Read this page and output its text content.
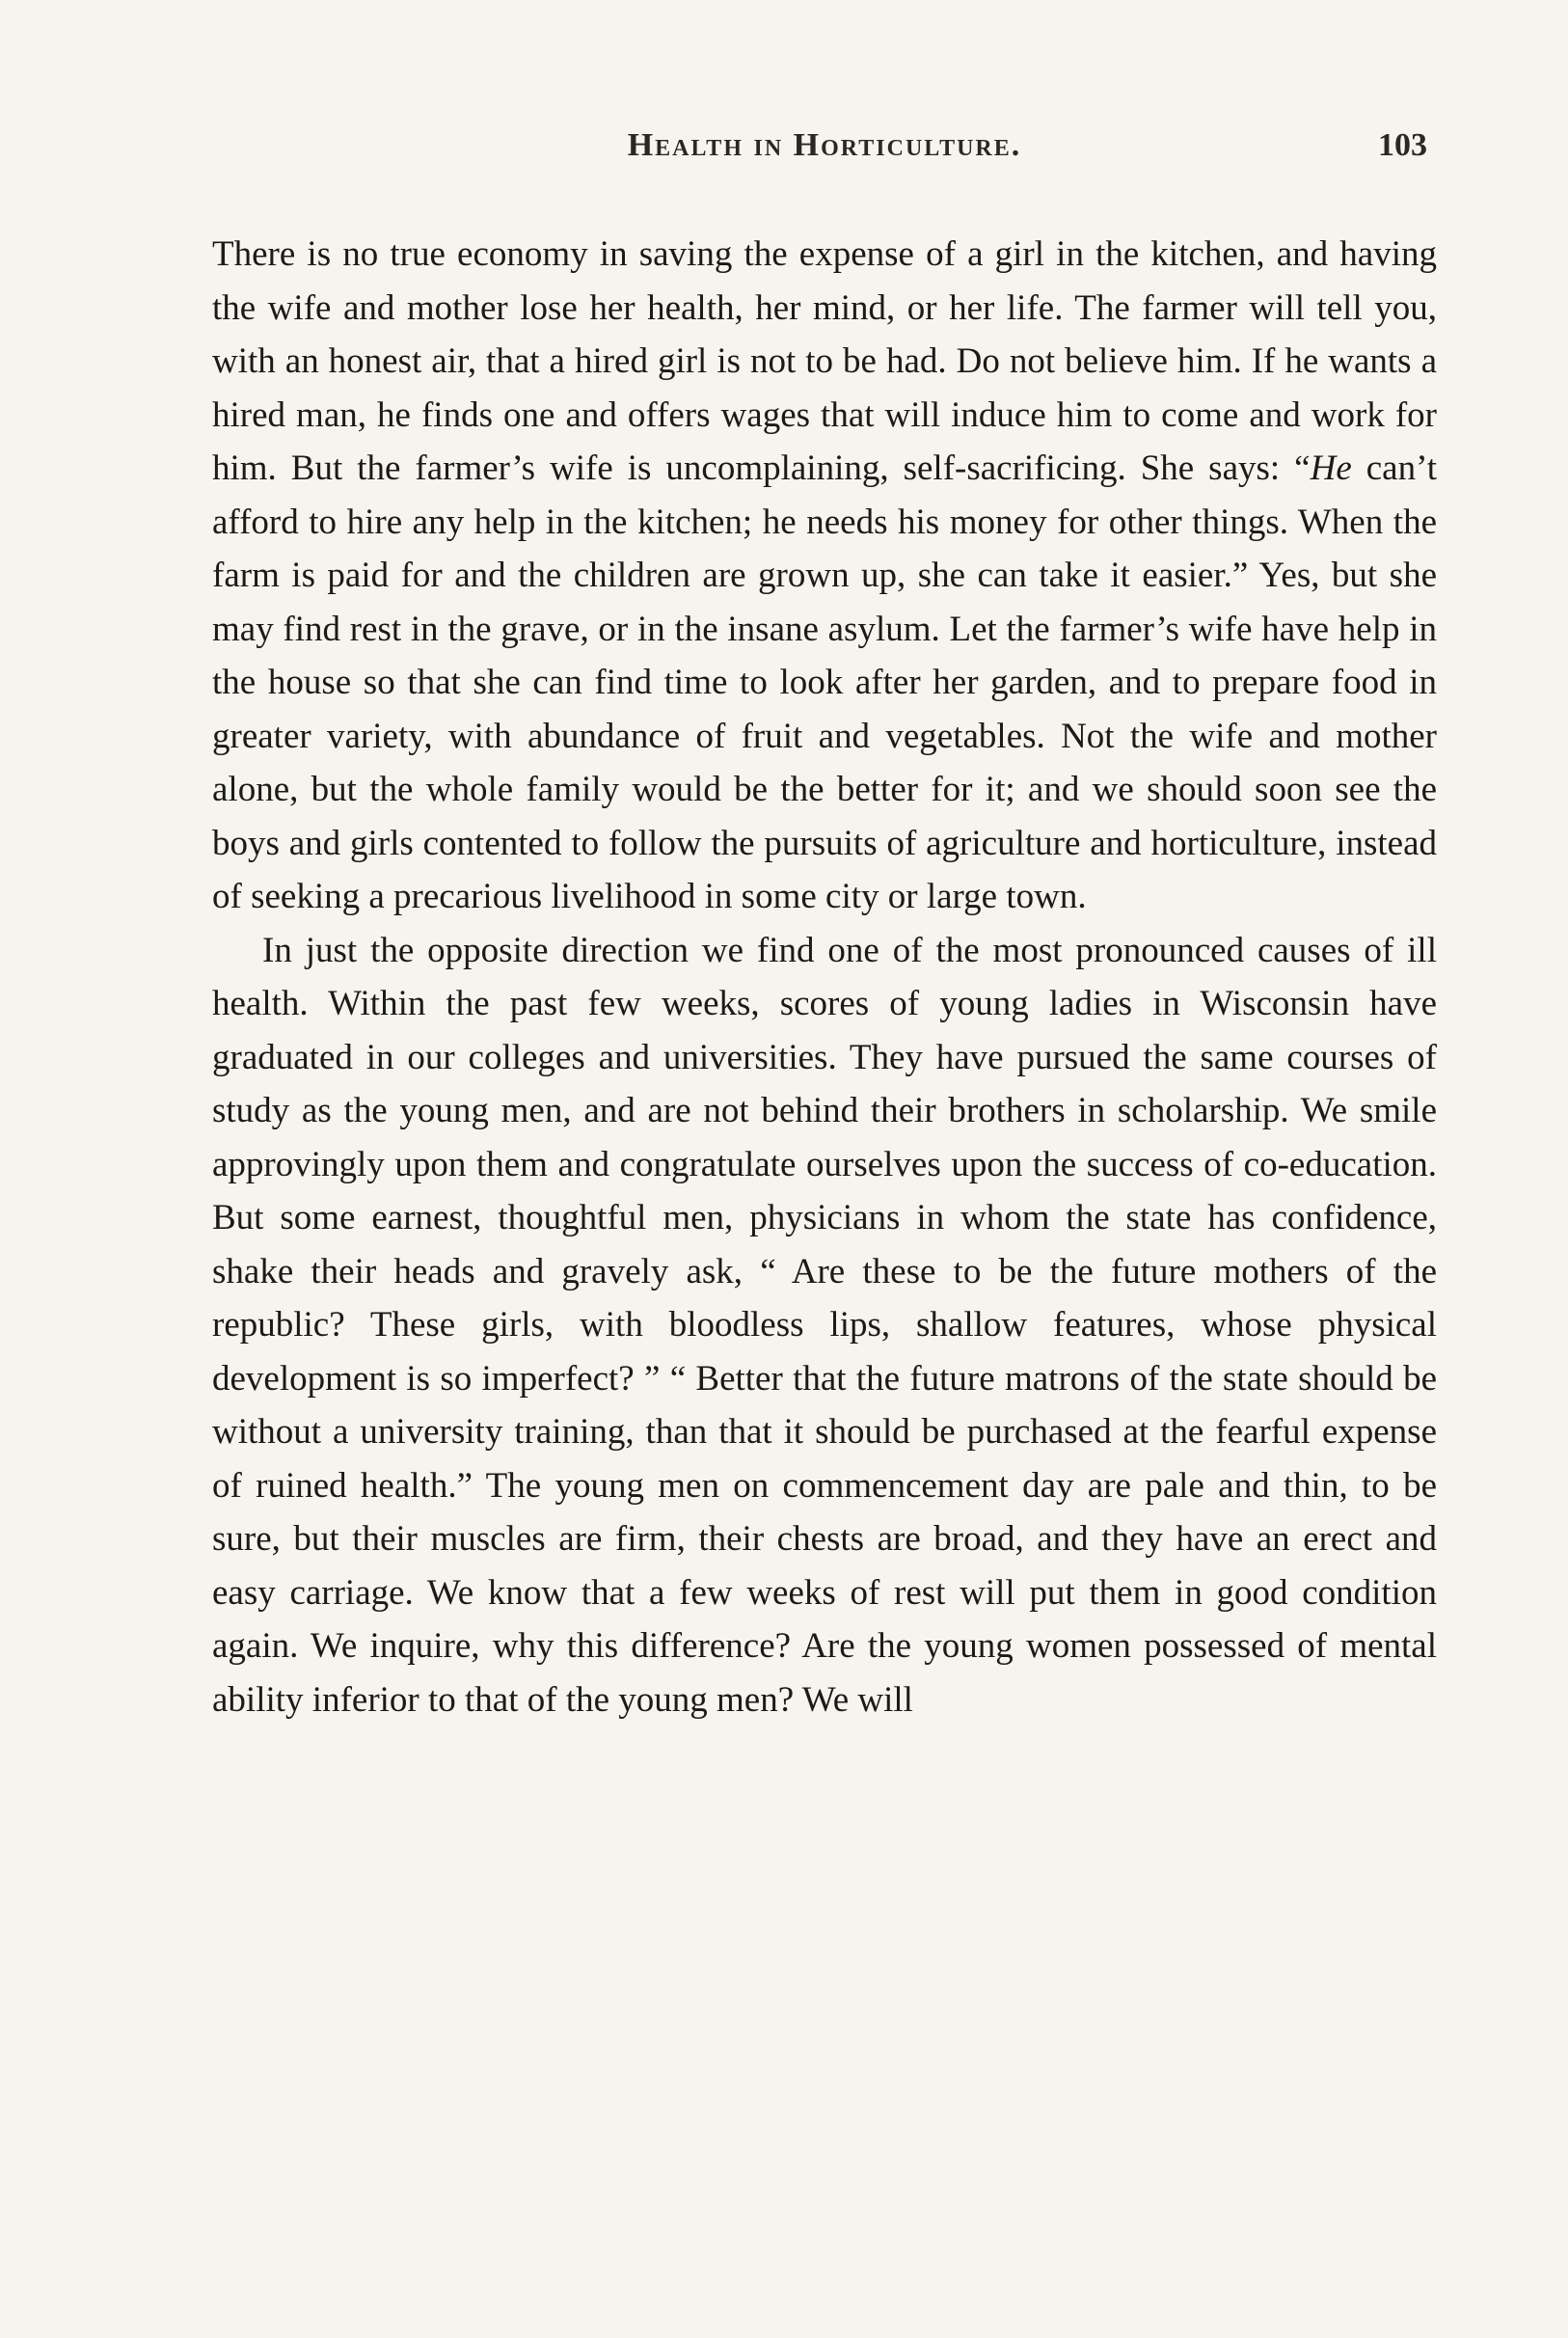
Health in Horticulture.	103

There is no true economy in saving the expense of a girl in the kitchen, and having the wife and mother lose her health, her mind, or her life. The farmer will tell you, with an honest air, that a hired girl is not to be had. Do not believe him. If he wants a hired man, he finds one and offers wages that will induce him to come and work for him. But the farmer’s wife is uncomplaining, self-sacrificing. She says: “He can’t afford to hire any help in the kitchen; he needs his money for other things. When the farm is paid for and the children are grown up, she can take it easier.” Yes, but she may find rest in the grave, or in the insane asylum. Let the farmer’s wife have help in the house so that she can find time to look after her garden, and to prepare food in greater variety, with abundance of fruit and vegetables. Not the wife and mother alone, but the whole family would be the better for it; and we should soon see the boys and girls contented to follow the pursuits of agriculture and horticulture, instead of seeking a precarious livelihood in some city or large town.

In just the opposite direction we find one of the most pronounced causes of ill health. Within the past few weeks, scores of young ladies in Wisconsin have graduated in our colleges and universities. They have pursued the same courses of study as the young men, and are not behind their brothers in scholarship. We smile approvingly upon them and congratulate ourselves upon the success of co-education. But some earnest, thoughtful men, physicians in whom the state has confidence, shake their heads and gravely ask, “ Are these to be the future mothers of the republic? These girls, with bloodless lips, shallow features, whose physical development is so imperfect? ” “ Better that the future matrons of the state should be without a university training, than that it should be purchased at the fearful expense of ruined health.” The young men on commencement day are pale and thin, to be sure, but their muscles are firm, their chests are broad, and they have an erect and easy carriage. We know that a few weeks of rest will put them in good condition again. We inquire, why this difference? Are the young women possessed of mental ability inferior to that of the young men? We will
